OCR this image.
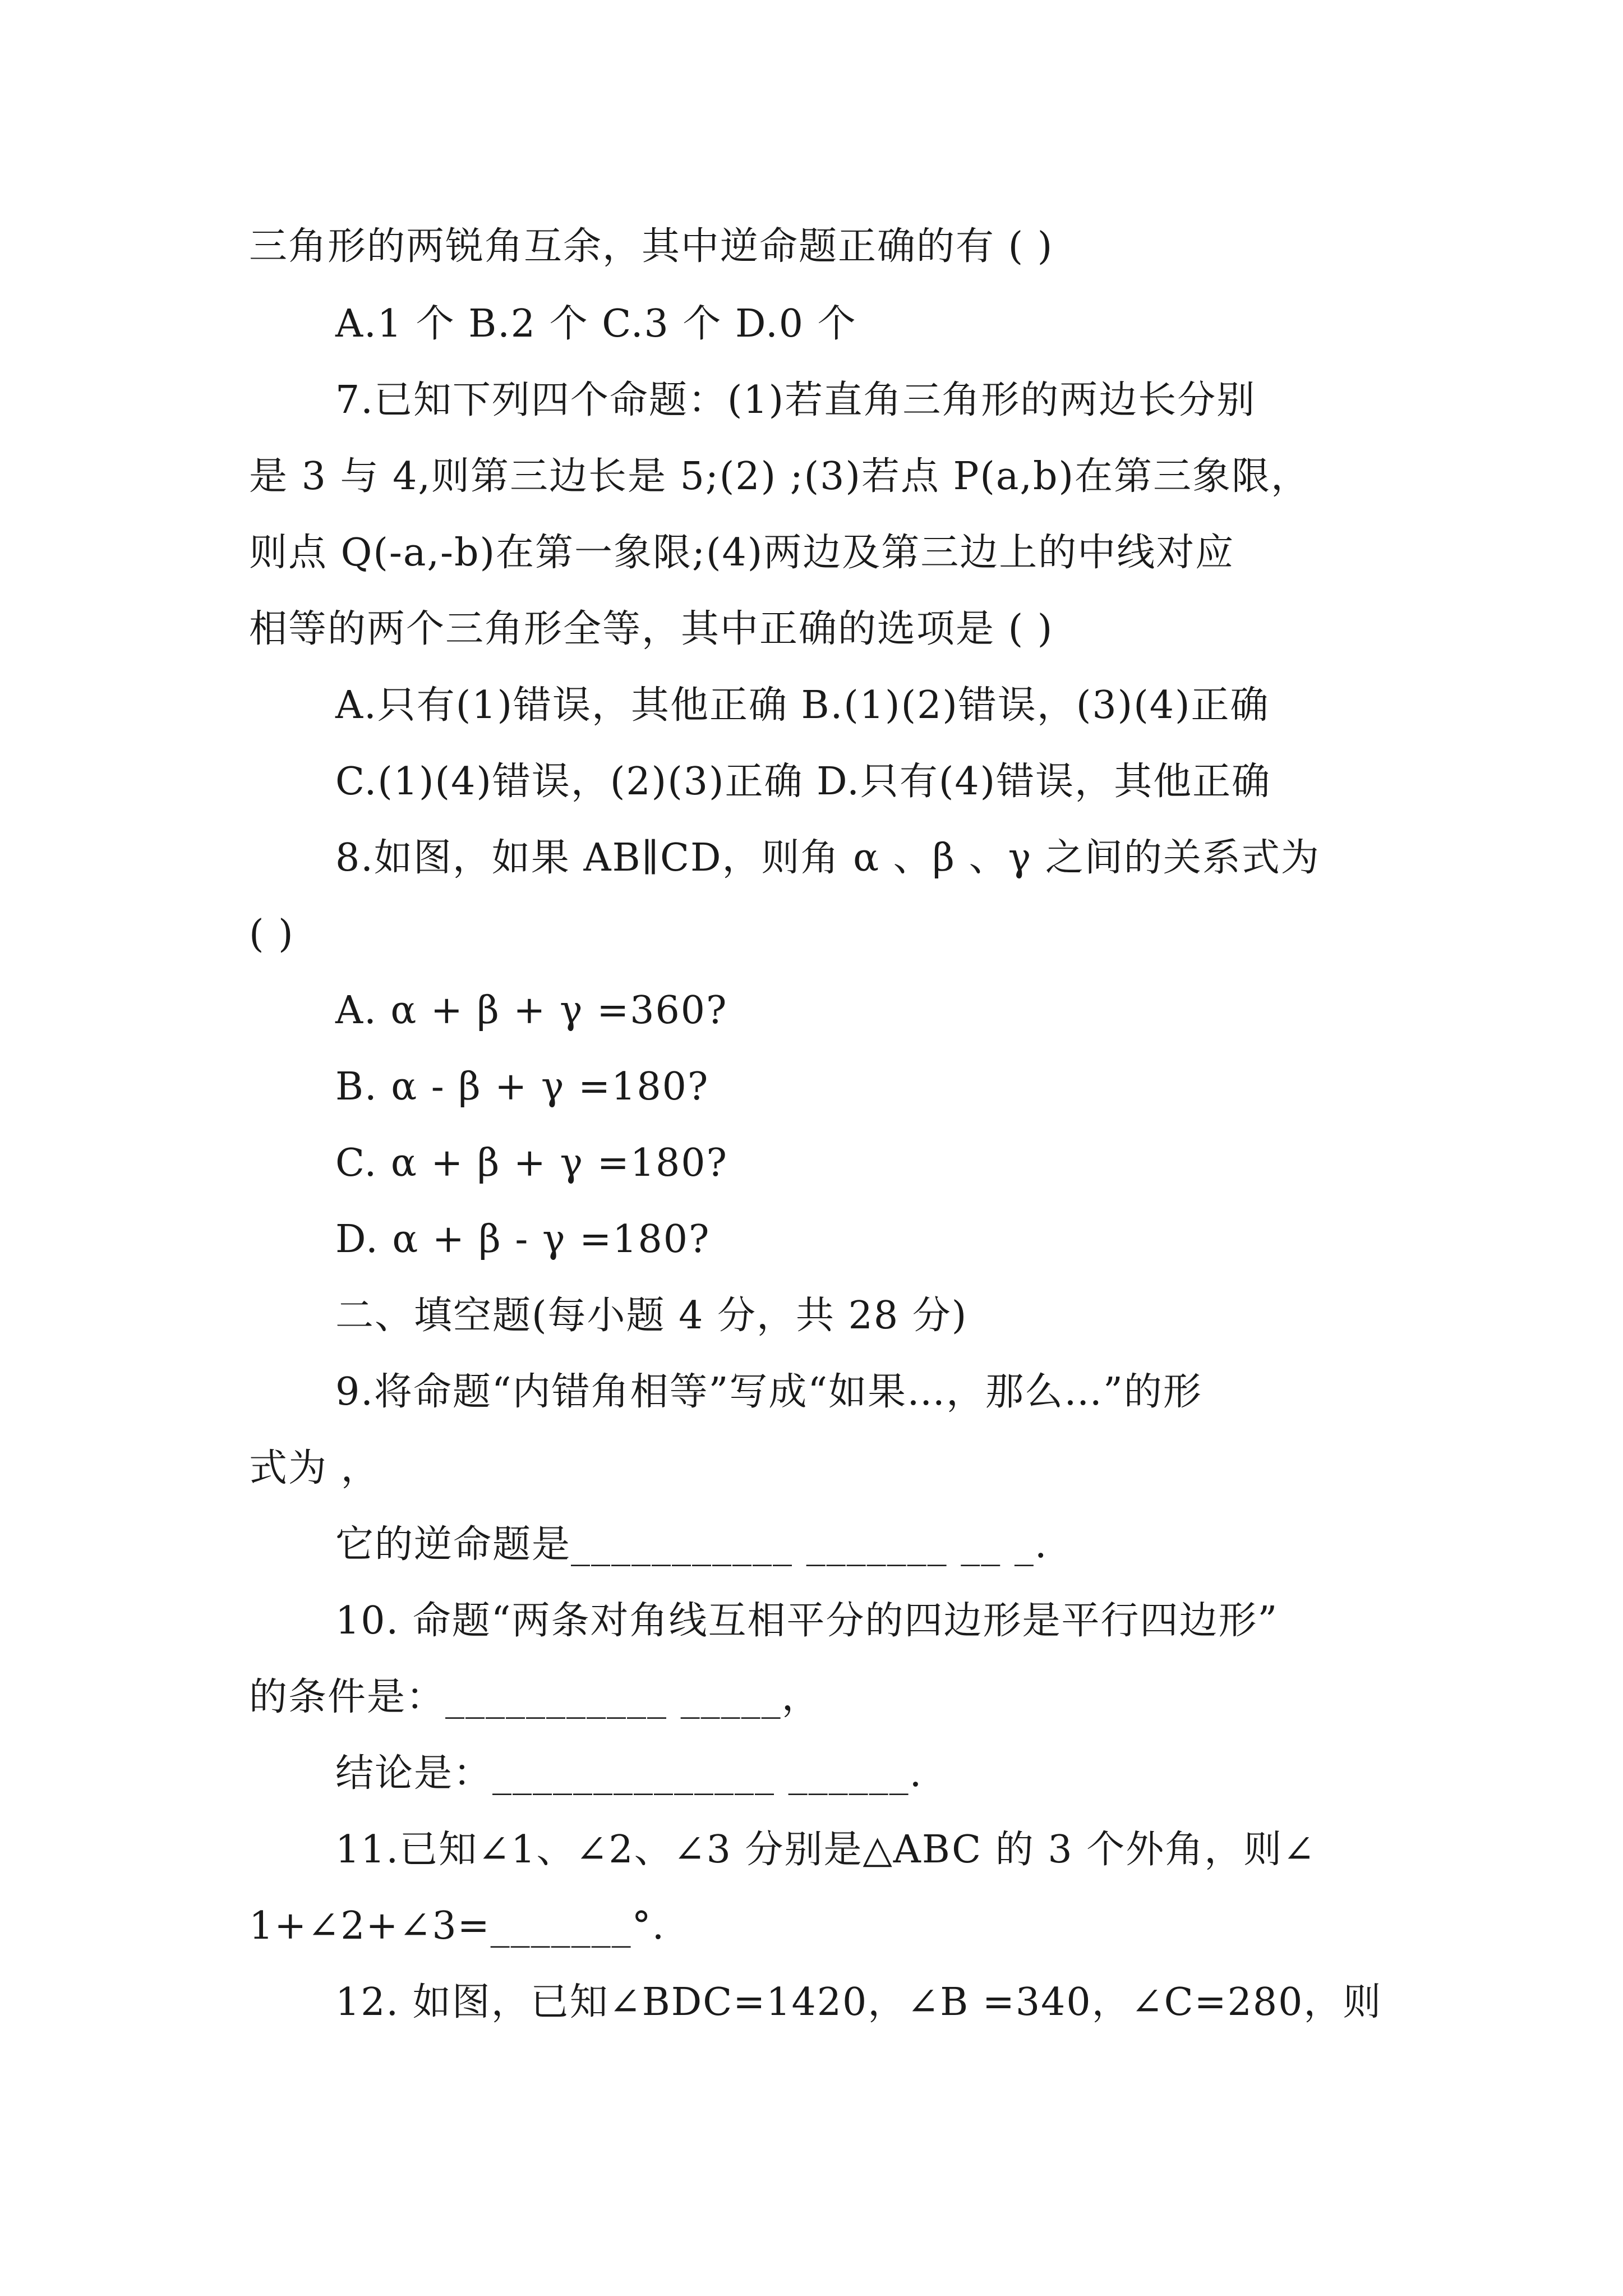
三角形的两锐角互余，其中逆命题正确的有 ( )
A.1 个 B.2 个 C.3 个 D.0 个
7.已知下列四个命题：(1)若直角三角形的两边长分别
是 3 与 4,则第三边长是 5;(2) ;(3)若点 P(a,b)在第三象限，
则点 Q(-a,-b)在第一象限;(4)两边及第三边上的中线对应
相等的两个三角形全等，其中正确的选项是 ( )
A.只有(1)错误，其他正确 B.(1)(2)错误，(3)(4)正确
C.(1)(4)错误，(2)(3)正确 D.只有(4)错误，其他正确
8.如图，如果 AB∥CD，则角 α 、β 、γ 之间的关系式为
( )
A. α + β + γ =360?
B. α - β + γ =180?
C. α + β + γ =180?
D. α + β - γ =180?
二、填空题(每小题 4 分，共 28 分)
9.将命题“内错角相等”写成“如果…，那么…”的形
式为 ，
它的逆命题是___________ _______ __ _.
10. 命题“两条对角线互相平分的四边形是平行四边形”
的条件是：___________ _____，
结论是：______________ ______.
11.已知∠1、∠2、∠3 分别是△ABC 的 3 个外角，则∠
1+∠2+∠3=_______°.
12. 如图，已知∠BDC=1420，∠B =340，∠C=280，则
